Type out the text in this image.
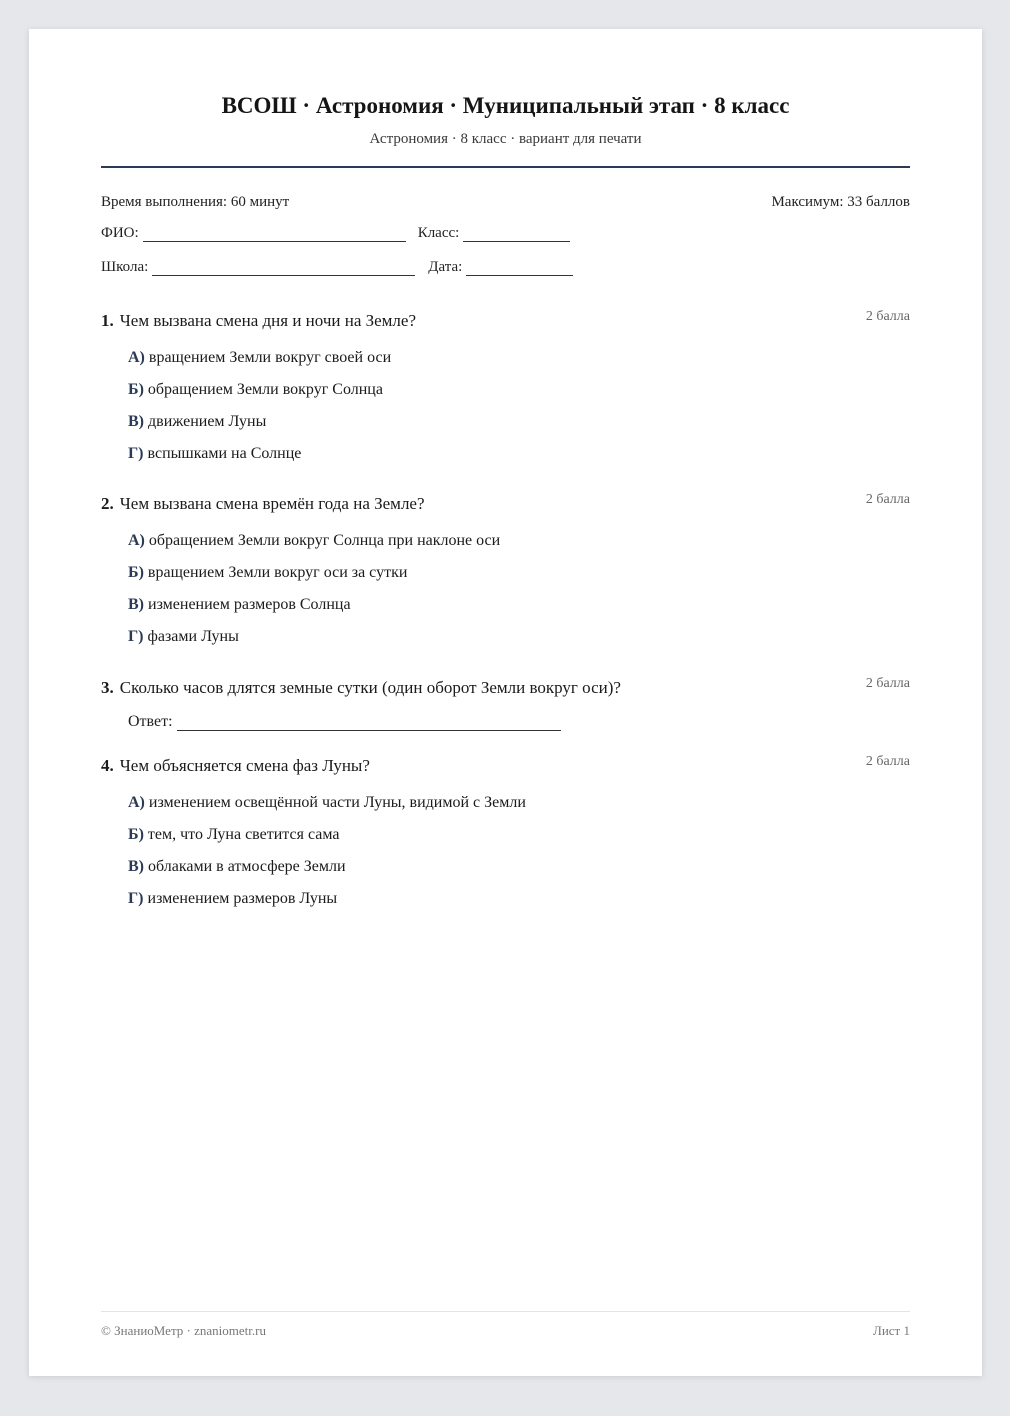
ВСОШ · Астрономия · Муниципальный этап · 8 класс
Астрономия · 8 класс · вариант для печати
Время выполнения: 60 минут	Максимум: 33 баллов
ФИО:	Класс:
Школа:	Дата:
1. Чем вызвана смена дня и ночи на Земле?	2 балла
А) вращением Земли вокруг своей оси
Б) обращением Земли вокруг Солнца
В) движением Луны
Г) вспышками на Солнце
2. Чем вызвана смена времён года на Земле?	2 балла
А) обращением Земли вокруг Солнца при наклоне оси
Б) вращением Земли вокруг оси за сутки
В) изменением размеров Солнца
Г) фазами Луны
3. Сколько часов длятся земные сутки (один оборот Земли вокруг оси)?	2 балла
Ответ:
4. Чем объясняется смена фаз Луны?	2 балла
А) изменением освещённой части Луны, видимой с Земли
Б) тем, что Луна светится сама
В) облаками в атмосфере Земли
Г) изменением размеров Луны
© ЗнаниоМетр · znaniometr.ru	Лист 1
